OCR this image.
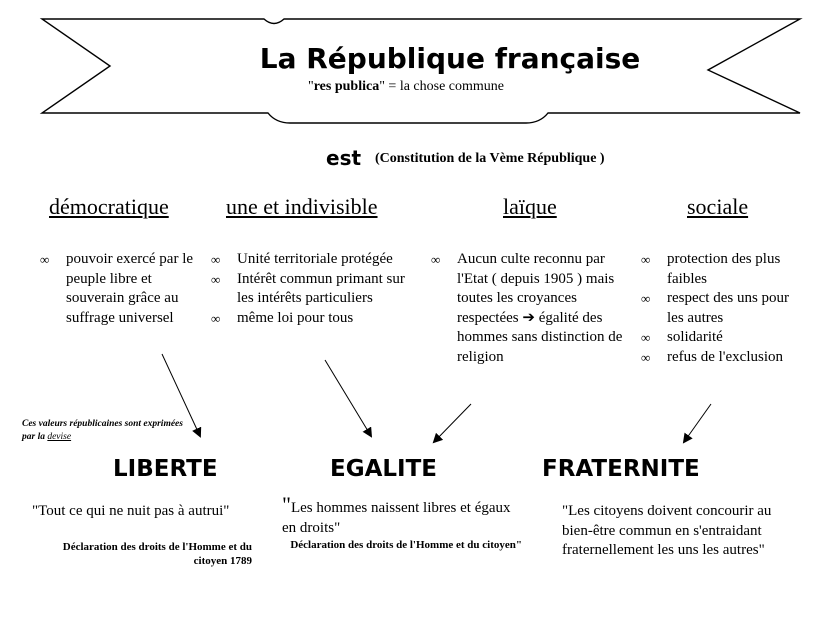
La République française
"res publica" = la chose commune
est (Constitution de la Vème République )
démocratique	une et indivisible	laïque	sociale
∞ pouvoir exercé par le peuple libre et souverain grâce au suffrage universel
∞ Unité territoriale protégée
∞ Intérêt commun primant sur les intérêts particuliers
∞ même loi pour tous
∞ Aucun culte reconnu par l'Etat ( depuis 1905 ) mais toutes les croyances respectées ➔ égalité des hommes sans distinction de religion
∞ protection des plus faibles
∞ respect des uns pour les autres
∞ solidarité
∞ refus de l'exclusion
Ces valeurs républicaines sont exprimées par la devise
LIBERTE	EGALITE	FRATERNITE
"Tout ce qui ne nuit pas à autrui"
Déclaration des droits de l'Homme et du citoyen 1789
"Les hommes naissent libres et égaux en droits"
Déclaration des droits de l'Homme et du citoyen"
"Les citoyens doivent concourir au bien-être commun en s'entraidant fraternellement les uns les autres"
